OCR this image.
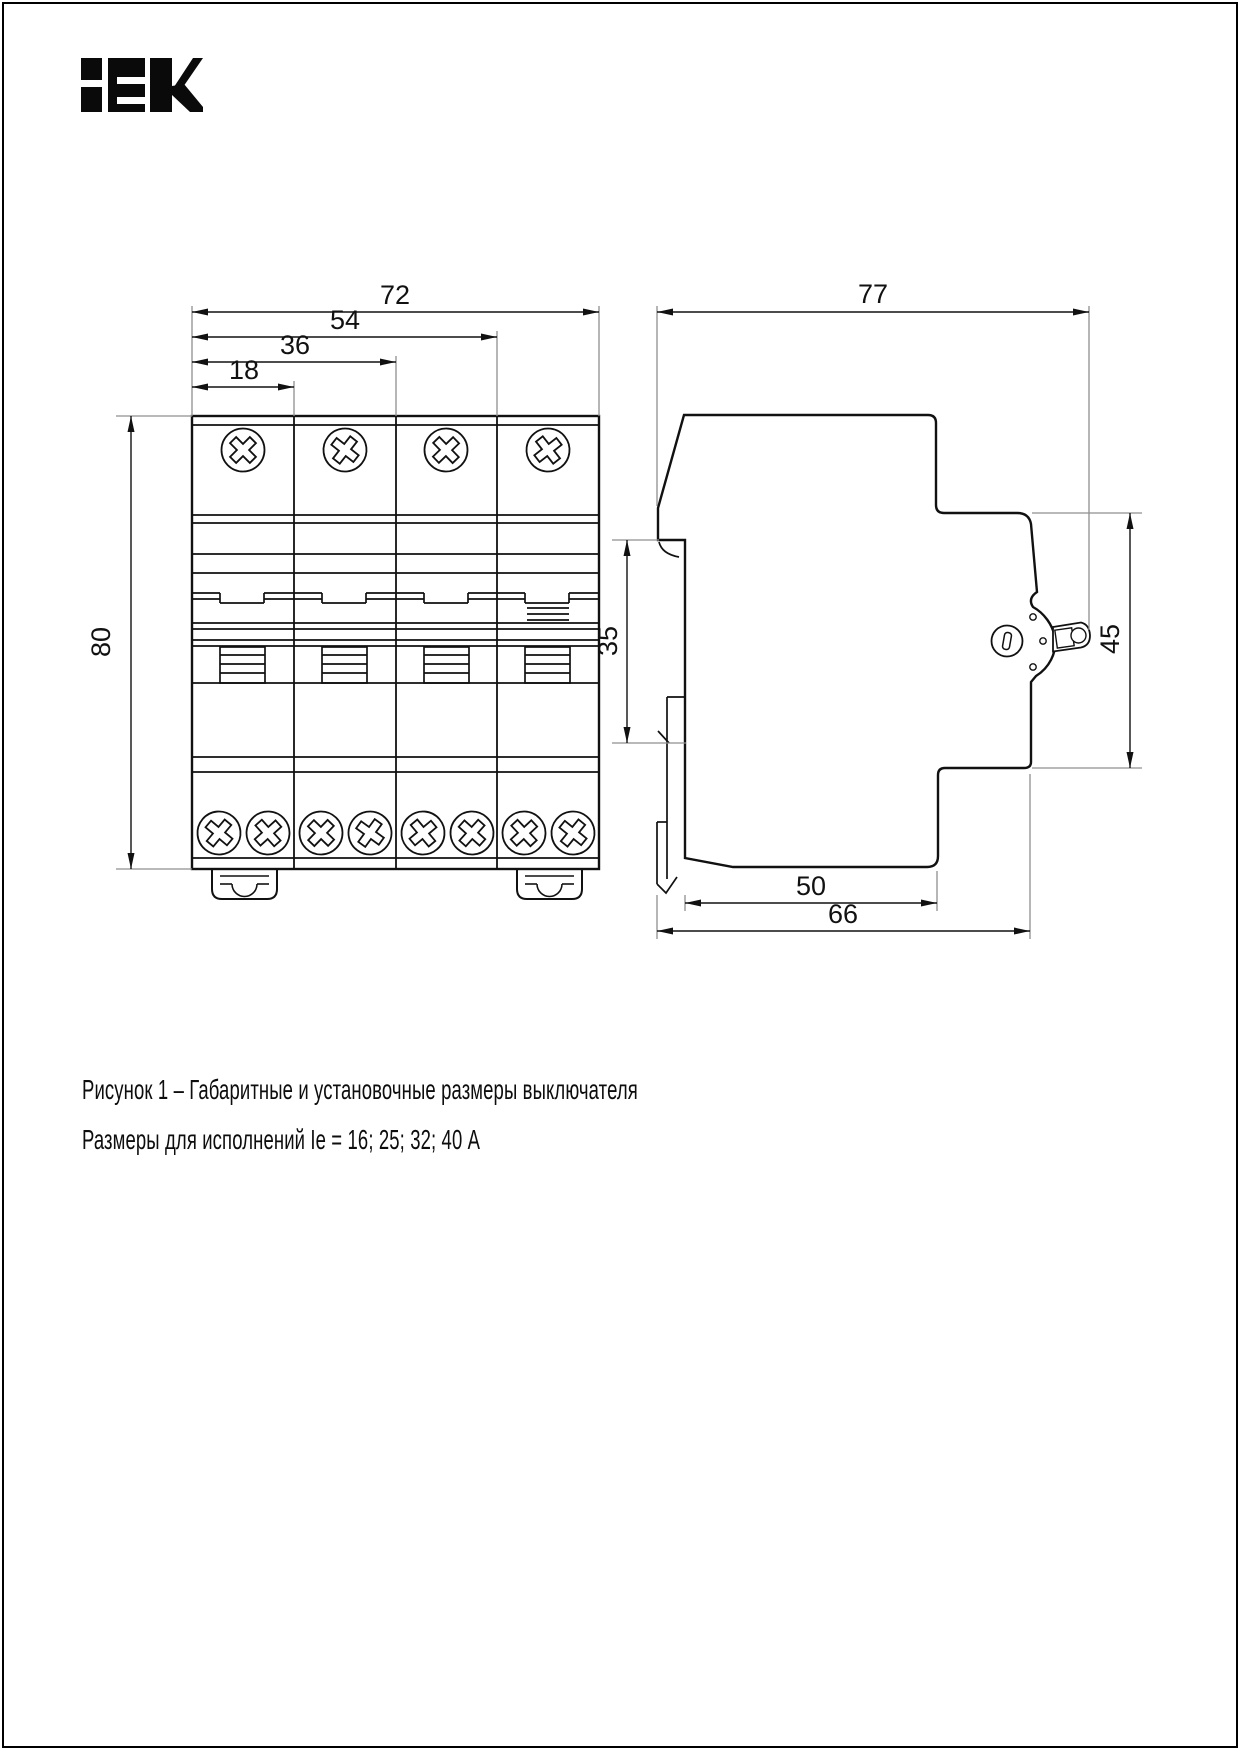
72
54
36
18
80
77
35	45
50
66
Рисунок 1 – Габаритные и установочные размеры выключателя
Размеры для исполнений Ie = 16; 25; 32; 40 А
